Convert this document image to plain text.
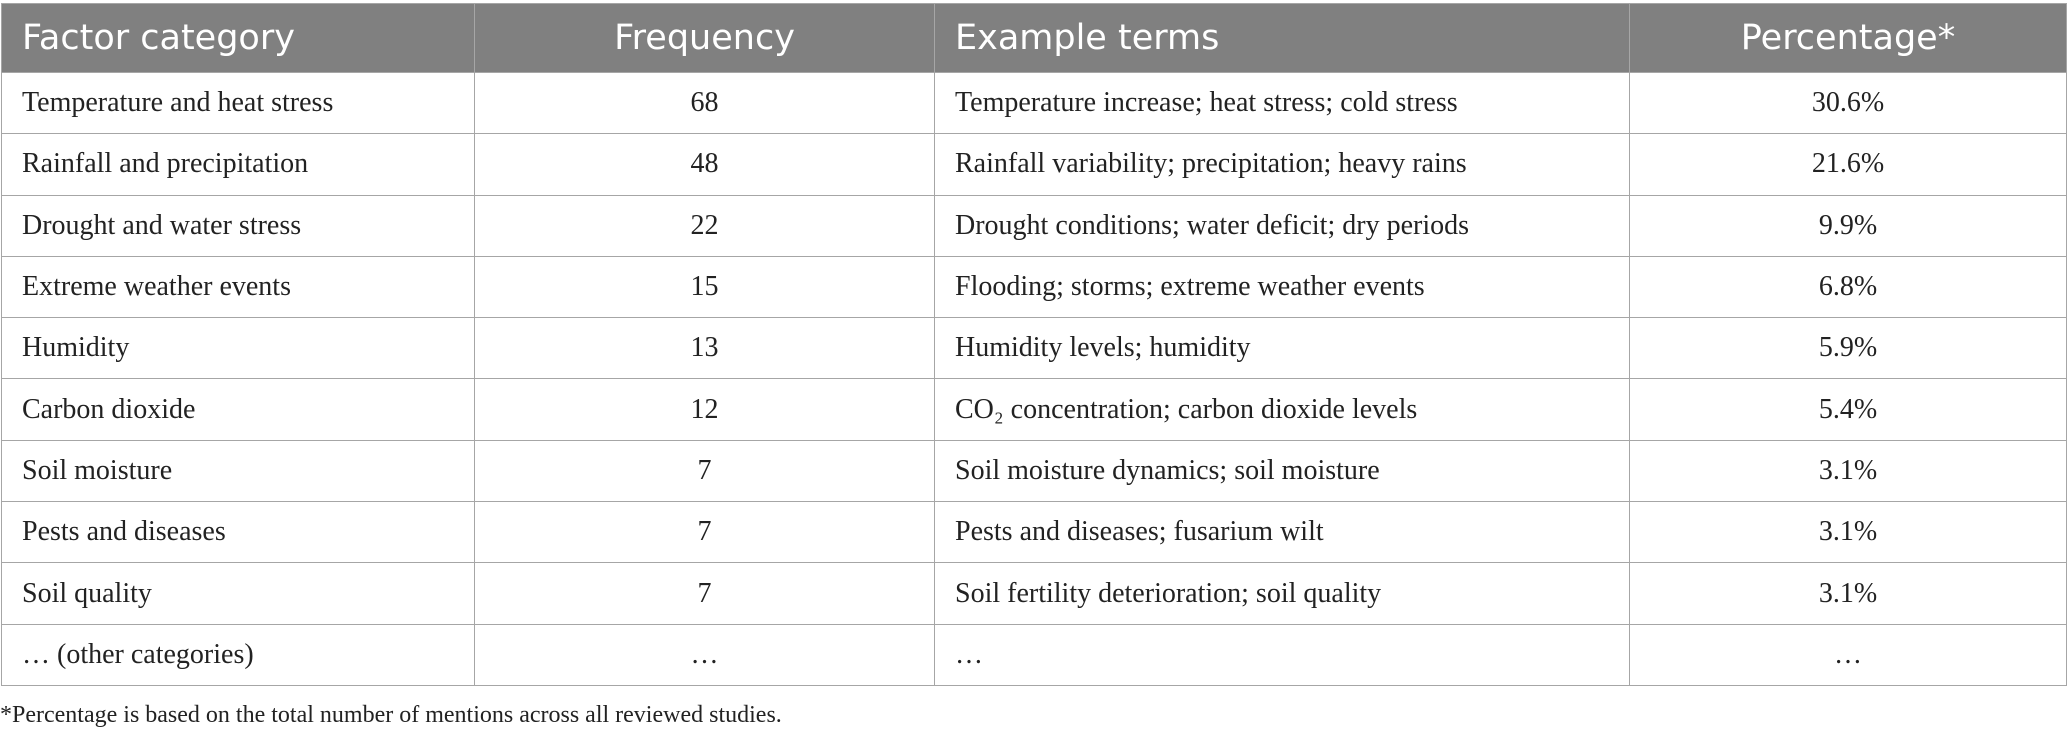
Factor category	Frequency	Example terms	Percentage*
Temperature and heat stress	68	Temperature increase; heat stress; cold stress	30.6%
Rainfall and precipitation	48	Rainfall variability; precipitation; heavy rains	21.6%
Drought and water stress	22	Drought conditions; water deficit; dry periods	9.9%
Extreme weather events	15	Flooding; storms; extreme weather events	6.8%
Humidity	13	Humidity levels; humidity	5.9%
Carbon dioxide	12	CO₂ concentration; carbon dioxide levels	5.4%
Soil moisture	7	Soil moisture dynamics; soil moisture	3.1%
Pests and diseases	7	Pests and diseases; fusarium wilt	3.1%
Soil quality	7	Soil fertility deterioration; soil quality	3.1%
… (other categories)	…	…	…
*Percentage is based on the total number of mentions across all reviewed studies.
